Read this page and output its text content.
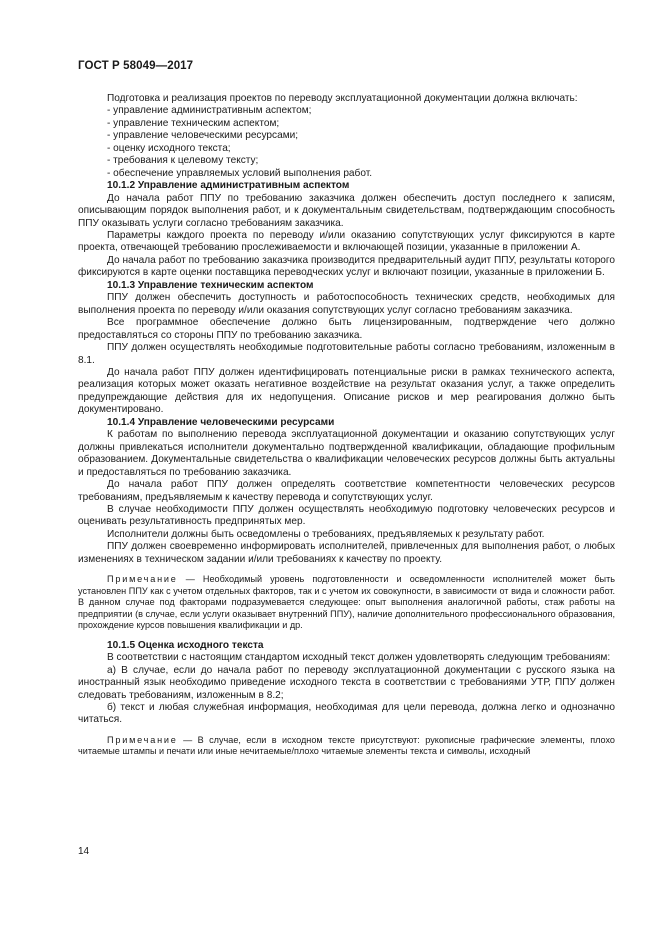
ГОСТ Р 58049—2017

Подготовка и реализация проектов по переводу эксплуатационной документации должна включать:

- управление административным аспектом;

- управление техническим аспектом;

- управление человеческими ресурсами;

- оценку исходного текста;

- требования к целевому тексту;

- обеспечение управляемых условий выполнения работ.

10.1.2 Управление административным аспектом

До начала работ ППУ по требованию заказчика должен обеспечить доступ последнего к записям, описывающим порядок выполнения работ, и к документальным свидетельствам, подтверждающим способность ППУ оказывать услуги согласно требованиям заказчика.

Параметры каждого проекта по переводу и/или оказанию сопутствующих услуг фиксируются в карте проекта, отвечающей требованию прослеживаемости и включающей позиции, указанные в приложении А.

До начала работ по требованию заказчика производится предварительный аудит ППУ, результаты которого фиксируются в карте оценки поставщика переводческих услуг и включают позиции, указанные в приложении Б.

10.1.3 Управление техническим аспектом

ППУ должен обеспечить доступность и работоспособность технических средств, необходимых для выполнения проекта по переводу и/или оказания сопутствующих услуг согласно требованиям заказчика.

Все программное обеспечение должно быть лицензированным, подтверждение чего должно предоставляться со стороны ППУ по требованию заказчика.

ППУ должен осуществлять необходимые подготовительные работы согласно требованиям, изложенным в 8.1.

До начала работ ППУ должен идентифицировать потенциальные риски в рамках технического аспекта, реализация которых может оказать негативное воздействие на результат оказания услуг, а также определить предупреждающие действия для их недопущения. Описание рисков и мер реагирования должно быть документировано.

10.1.4 Управление человеческими ресурсами

К работам по выполнению перевода эксплуатационной документации и оказанию сопутствующих услуг должны привлекаться исполнители документально подтвержденной квалификации, обладающие профильным образованием. Документальные свидетельства о квалификации человеческих ресурсов должны быть актуальны и предоставляться по требованию заказчика.

До начала работ ППУ должен определять соответствие компетентности человеческих ресурсов требованиям, предъявляемым к качеству перевода и сопутствующих услуг.

В случае необходимости ППУ должен осуществлять необходимую подготовку человеческих ресурсов и оценивать результативность предпринятых мер.

Исполнители должны быть осведомлены о требованиях, предъявляемых к результату работ.

ППУ должен своевременно информировать исполнителей, привлеченных для выполнения работ, о любых изменениях в техническом задании и/или требованиях к качеству по проекту.

Примечание — Необходимый уровень подготовленности и осведомленности исполнителей может быть установлен ППУ как с учетом отдельных факторов, так и с учетом их совокупности, в зависимости от вида и сложности работ. В данном случае под факторами подразумевается следующее: опыт выполнения аналогичной работы, стаж работы на предприятии (в случае, если услуги оказывает внутренний ППУ), наличие дополнительного профессионального образования, прохождение курсов повышения квалификации и др.

10.1.5 Оценка исходного текста

В соответствии с настоящим стандартом исходный текст должен удовлетворять следующим требованиям:

а) В случае, если до начала работ по переводу эксплуатационной документации с русского языка на иностранный язык необходимо приведение исходного текста в соответствии с требованиями УТР, ППУ должен следовать требованиям, изложенным в 8.2;

б) текст и любая служебная информация, необходимая для цели перевода, должна легко и однозначно читаться.

Примечание — В случае, если в исходном тексте присутствуют: рукописные графические элементы, плохо читаемые штампы и печати или иные нечитаемые/плохо читаемые элементы текста и символы, исходный

14
